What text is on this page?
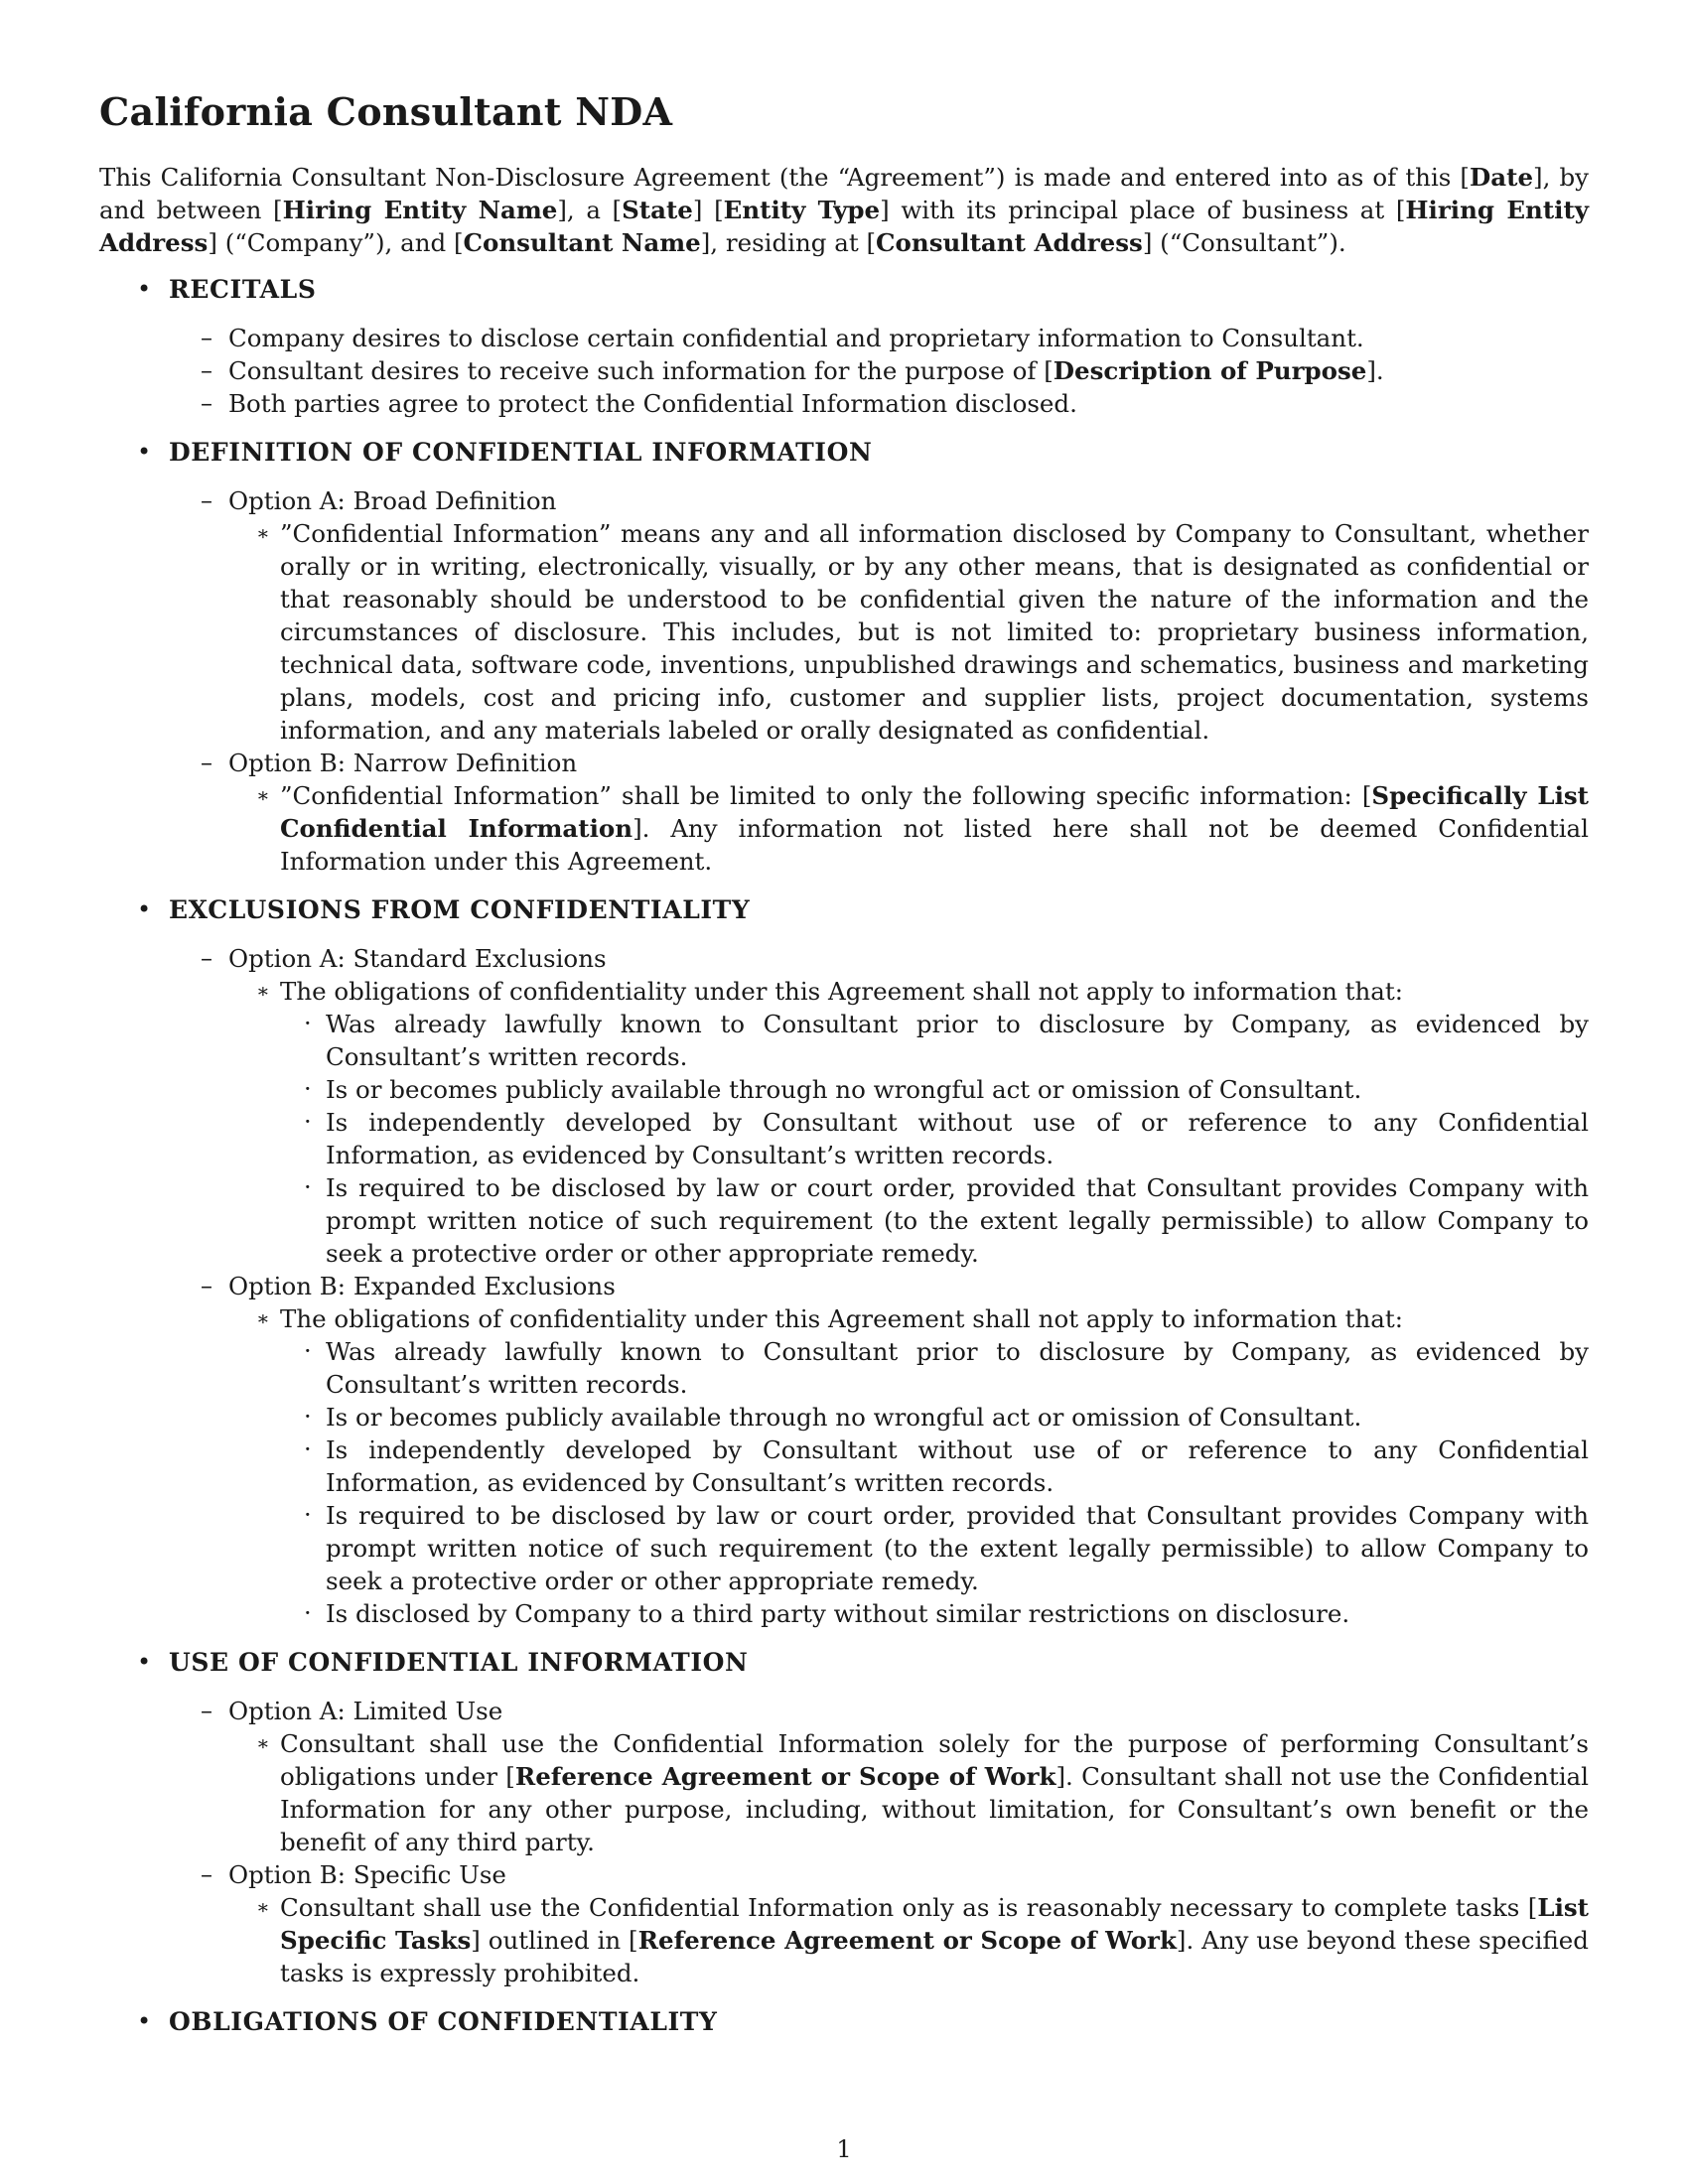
California Consultant NDA

This California Consultant Non-Disclosure Agreement (the “Agreement”) is made and entered into as of this [Date], by and between [Hiring Entity Name], a [State] [Entity Type] with its principal place of business at [Hiring Entity Address] (“Company”), and [Consultant Name], residing at [Consultant Address] (“Consultant”).

• RECITALS
– Company desires to disclose certain confidential and proprietary information to Consultant.
– Consultant desires to receive such information for the purpose of [Description of Purpose].
– Both parties agree to protect the Confidential Information disclosed.
• DEFINITION OF CONFIDENTIAL INFORMATION
– Option A: Broad Definition
∗ ”Confidential Information” means any and all information disclosed by Company to Consultant, whether orally or in writing, electronically, visually, or by any other means, that is designated as confidential or that reasonably should be understood to be confidential given the nature of the information and the circumstances of disclosure. This includes, but is not limited to: proprietary business information, technical data, software code, inventions, unpublished drawings and schematics, business and marketing plans, models, cost and pricing info, customer and supplier lists, project documentation, systems information, and any materials labeled or orally designated as confidential.
– Option B: Narrow Definition
∗ ”Confidential Information” shall be limited to only the following specific information: [Specifically List Confidential Information]. Any information not listed here shall not be deemed Confidential Information under this Agreement.
• EXCLUSIONS FROM CONFIDENTIALITY
– Option A: Standard Exclusions
∗ The obligations of confidentiality under this Agreement shall not apply to information that:
· Was already lawfully known to Consultant prior to disclosure by Company, as evidenced by Consultant’s written records.
· Is or becomes publicly available through no wrongful act or omission of Consultant.
· Is independently developed by Consultant without use of or reference to any Confidential Information, as evidenced by Consultant’s written records.
· Is required to be disclosed by law or court order, provided that Consultant provides Company with prompt written notice of such requirement (to the extent legally permissible) to allow Company to seek a protective order or other appropriate remedy.
– Option B: Expanded Exclusions
∗ The obligations of confidentiality under this Agreement shall not apply to information that:
· Was already lawfully known to Consultant prior to disclosure by Company, as evidenced by Consultant’s written records.
· Is or becomes publicly available through no wrongful act or omission of Consultant.
· Is independently developed by Consultant without use of or reference to any Confidential Information, as evidenced by Consultant’s written records.
· Is required to be disclosed by law or court order, provided that Consultant provides Company with prompt written notice of such requirement (to the extent legally permissible) to allow Company to seek a protective order or other appropriate remedy.
· Is disclosed by Company to a third party without similar restrictions on disclosure.
• USE OF CONFIDENTIAL INFORMATION
– Option A: Limited Use
∗ Consultant shall use the Confidential Information solely for the purpose of performing Consultant’s obligations under [Reference Agreement or Scope of Work]. Consultant shall not use the Confidential Information for any other purpose, including, without limitation, for Consultant’s own benefit or the benefit of any third party.
– Option B: Specific Use
∗ Consultant shall use the Confidential Information only as is reasonably necessary to complete tasks [List Specific Tasks] outlined in [Reference Agreement or Scope of Work]. Any use beyond these specified tasks is expressly prohibited.
• OBLIGATIONS OF CONFIDENTIALITY
1
